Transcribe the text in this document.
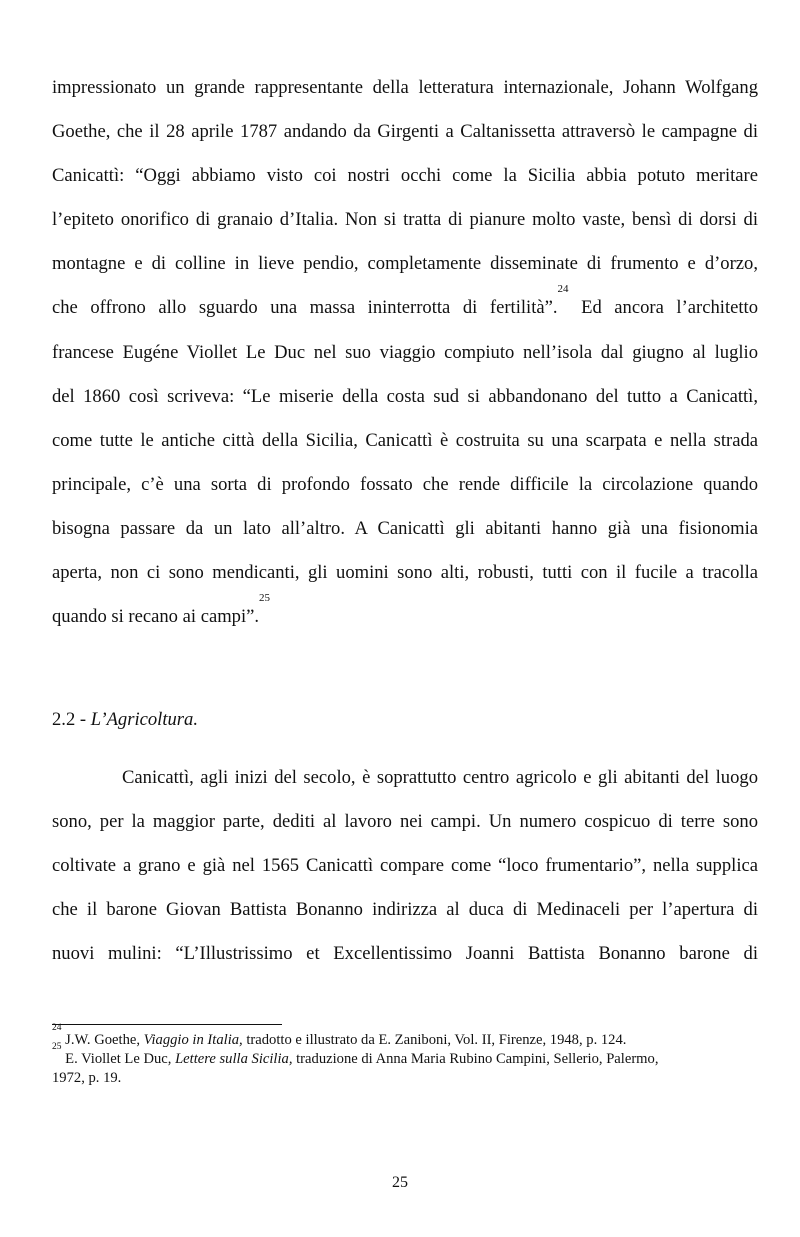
impressionato un grande rappresentante della letteratura internazionale, Johann Wolfgang
Goethe, che il 28 aprile 1787 andando da Girgenti a Caltanissetta attraversò le campagne di
Canicattì: “Oggi abbiamo visto coi nostri occhi come la Sicilia abbia potuto meritare
l’epiteto onorifico di granaio d’Italia. Non si tratta di pianure molto vaste, bensì di dorsi di
montagne e di colline in lieve pendio, completamente disseminate di frumento e d’orzo,
che offrono allo sguardo una massa ininterrotta di fertilità”.$^{24}$ Ed ancora l’architetto
francese Eugéne Viollet Le Duc nel suo viaggio compiuto nell’isola dal giugno al luglio
del 1860 così scriveva: “Le miserie della costa sud si abbandonano del tutto a Canicattì,
come tutte le antiche città della Sicilia, Canicattì è costruita su una scarpata e nella strada
principale, c’è una sorta di profondo fossato che rende difficile la circolazione quando
bisogna passare da un lato all’altro. A Canicattì gli abitanti hanno già una fisionomia
aperta, non ci sono mendicanti, gli uomini sono alti, robusti, tutti con il fucile a tracolla
quando si recano ai campi”.$^{25}$
2.2 - L’Agricoltura.
Canicattì, agli inizi del secolo, è soprattutto centro agricolo e gli abitanti del luogo
sono, per la maggior parte, dediti al lavoro nei campi. Un numero cospicuo di terre sono
coltivate a grano e già nel 1565 Canicattì compare come “loco frumentario”, nella supplica
che il barone Giovan Battista Bonanno indirizza al duca di Medinaceli per l’apertura di
nuovi mulini: “L’Illustrissimo et Excellentissimo Joanni Battista Bonanno barone di
$^{24}$ J.W. Goethe, Viaggio in Italia, tradotto e illustrato da E. Zaniboni, Vol. II, Firenze, 1948, p. 124.
$^{25}$ E. Viollet Le Duc, Lettere sulla Sicilia, traduzione di Anna Maria Rubino Campini, Sellerio, Palermo,
1972, p. 19.
25
